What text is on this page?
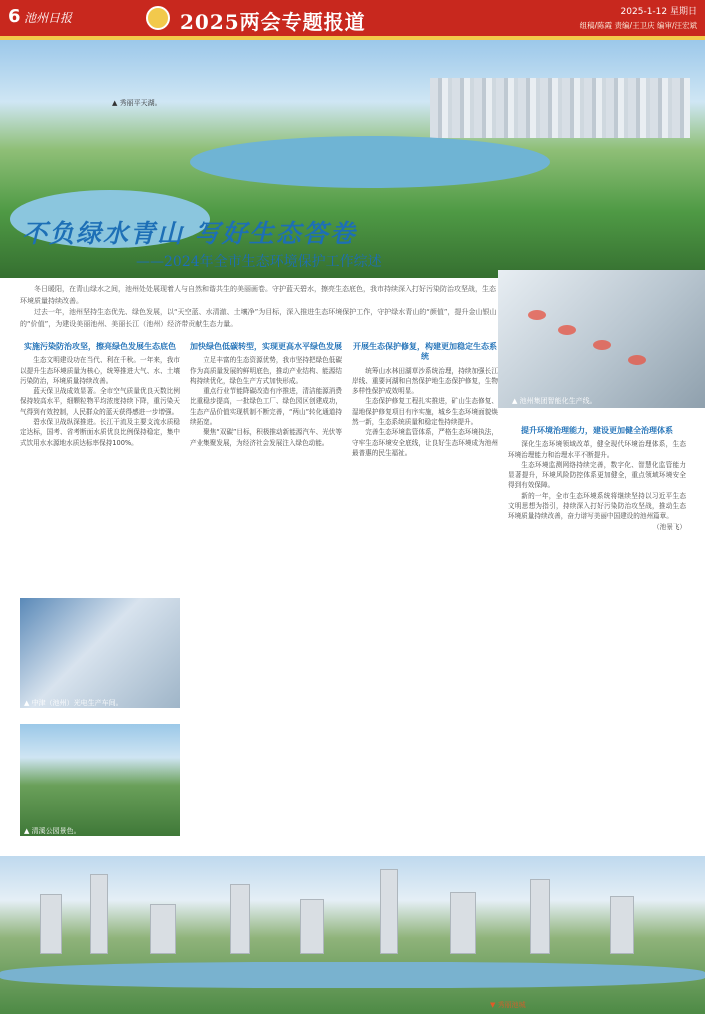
6 池州日报	2025两会专题报道	2025-1-12 星期日
组稿/陈霞 责编/王卫庆 编审/汪宏斌
▲ 秀丽平天湖。
不负绿水青山 写好生态答卷
——2024年全市生态环境保护工作综述
▲ 池州集团智能化生产线。

冬日暖阳，在青山绿水之间，池州处处展现着人与自然和谐共生的美丽画卷。守护蓝天碧水，擦亮生态底色，我市持续深入打好污染防治攻坚战，生态环境质量持续改善。

过去一年，池州坚持生态优先、绿色发展，以“天空蓝、水清澈、土壤净”为目标，深入推进生态环境保护工作，守护绿水青山的“颜值”，提升金山银山的“价值”，为建设美丽池州、美丽长江（池州）经济带贡献生态力量。

实施污染防治攻坚，擦亮绿色发展生态底色

生态文明建设功在当代、利在千秋。一年来，我市以提升生态环境质量为核心，统筹推进大气、水、土壤污染防治，环境质量持续改善。

蓝天保卫战成效显著。全市空气质量优良天数比例保持较高水平，细颗粒物平均浓度持续下降，重污染天气得到有效控制，人民群众的蓝天获得感进一步增强。

碧水保卫战纵深推进。长江干流及主要支流水质稳定达标，国考、省考断面水质优良比例保持稳定，集中式饮用水水源地水质达标率保持100%。

▲ 中津（池州）光电生产车间。
▲ 清溪公园景色。
加快绿色低碳转型，实现更高水平绿色发展

立足丰富的生态资源优势，我市坚持把绿色低碳作为高质量发展的鲜明底色，推动产业结构、能源结构持续优化，绿色生产方式加快形成。

重点行业节能降碳改造有序推进，清洁能源消费比重稳步提高，一批绿色工厂、绿色园区创建成功，生态产品价值实现机制不断完善，“两山”转化通道持续拓宽。

聚焦“双碳”目标，积极推动新能源汽车、光伏等产业集聚发展，为经济社会发展注入绿色动能。

开展生态保护修复，构建更加稳定生态系统

统筹山水林田湖草沙系统治理，持续加强长江岸线、重要河湖和自然保护地生态保护修复，生物多样性保护成效明显。

生态保护修复工程扎实推进，矿山生态修复、湿地保护修复项目有序实施，城乡生态环境面貌焕然一新，生态系统质量和稳定性持续提升。

完善生态环境监管体系，严格生态环境执法，守牢生态环境安全底线，让良好生态环境成为池州最普惠的民生福祉。

提升环境治理能力，建设更加健全治理体系

深化生态环境领域改革，健全现代环境治理体系，生态环境治理能力和治理水平不断提升。

生态环境监测网络持续完善，数字化、智慧化监管能力显著提升，环境风险防控体系更加健全，重点领域环境安全得到有效保障。

新的一年，全市生态环境系统将继续坚持以习近平生态文明思想为指引，持续深入打好污染防治攻坚战，推动生态环境质量持续改善，奋力谱写美丽中国建设的池州篇章。

（池景飞）

▼ 秀丽池城
